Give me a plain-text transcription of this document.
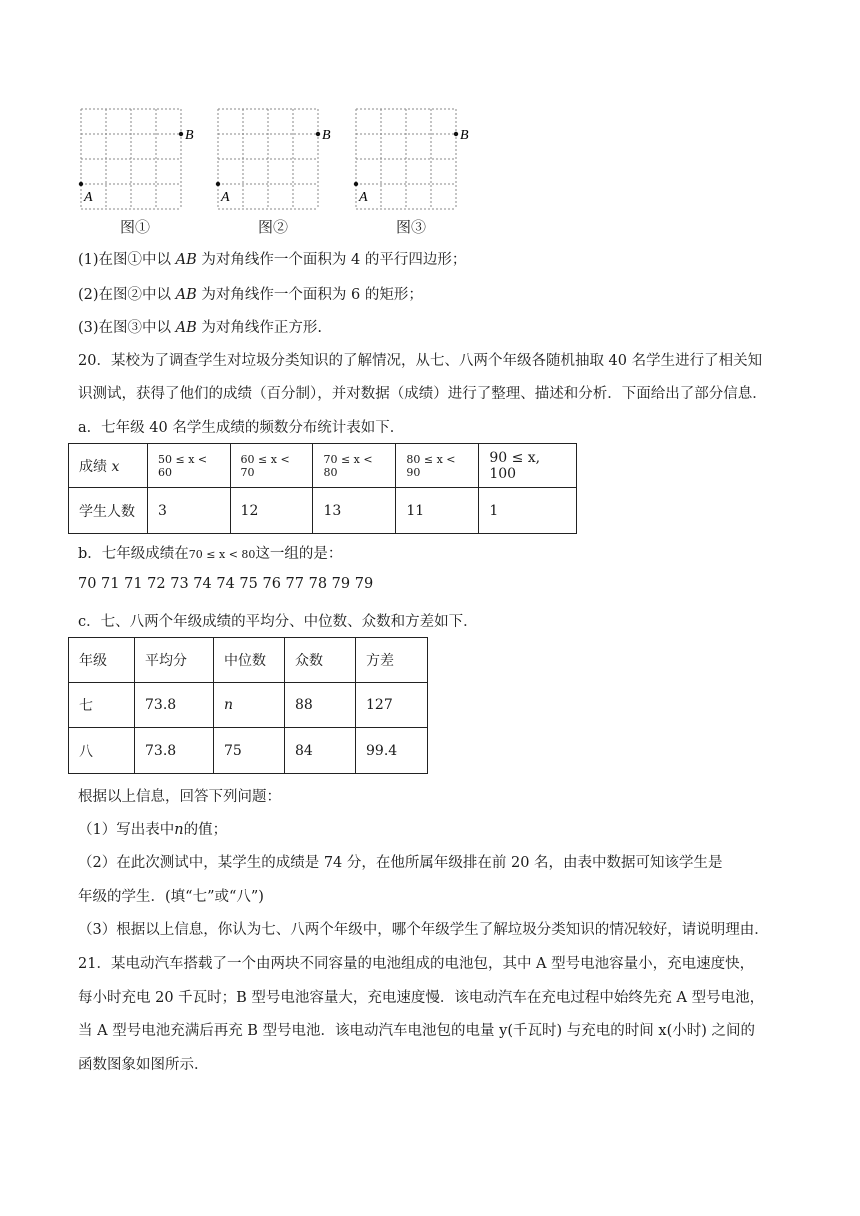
A
B
图①
A
B
图②
A
B
图③
(1)在图①中以 AB 为对角线作一个面积为 4 的平行四边形；
(2)在图②中以 AB 为对角线作一个面积为 6 的矩形；
(3)在图③中以 AB 为对角线作正方形.
20．某校为了调查学生对垃圾分类知识的了解情况，从七、八两个年级各随机抽取 40 名学生进行了相关知
识测试，获得了他们的成绩（百分制），并对数据（成绩）进行了整理、描述和分析．下面给出了部分信息．
a．七年级 40 名学生成绩的频数分布统计表如下．
成绩 x	50 ≤ x < 60	60 ≤ x < 70	70 ≤ x < 80	80 ≤ x < 90	90 ≤ x, 100
学生人数	3	12	13	11	1
b．七年级成绩在70 ≤ x < 80这一组的是：
70 71 71 72 73 74 74 75 76 77 78 79 79
c．七、八两个年级成绩的平均分、中位数、众数和方差如下．
年级	平均分	中位数	众数	方差
七	73.8	n	88	127
八	73.8	75	84	99.4
根据以上信息，回答下列问题：
（1）写出表中n的值；
（2）在此次测试中，某学生的成绩是 74 分，在他所属年级排在前 20 名，由表中数据可知该学生是
年级的学生．(填“七”或“八”)
（3）根据以上信息，你认为七、八两个年级中，哪个年级学生了解垃圾分类知识的情况较好，请说明理由．
21．某电动汽车搭载了一个由两块不同容量的电池组成的电池包，其中 A 型号电池容量小，充电速度快，
每小时充电 20 千瓦时；B 型号电池容量大，充电速度慢．该电动汽车在充电过程中始终先充 A 型号电池，
当 A 型号电池充满后再充 B 型号电池．该电动汽车电池包的电量 y(千瓦时) 与充电的时间 x(小时) 之间的
函数图象如图所示．
